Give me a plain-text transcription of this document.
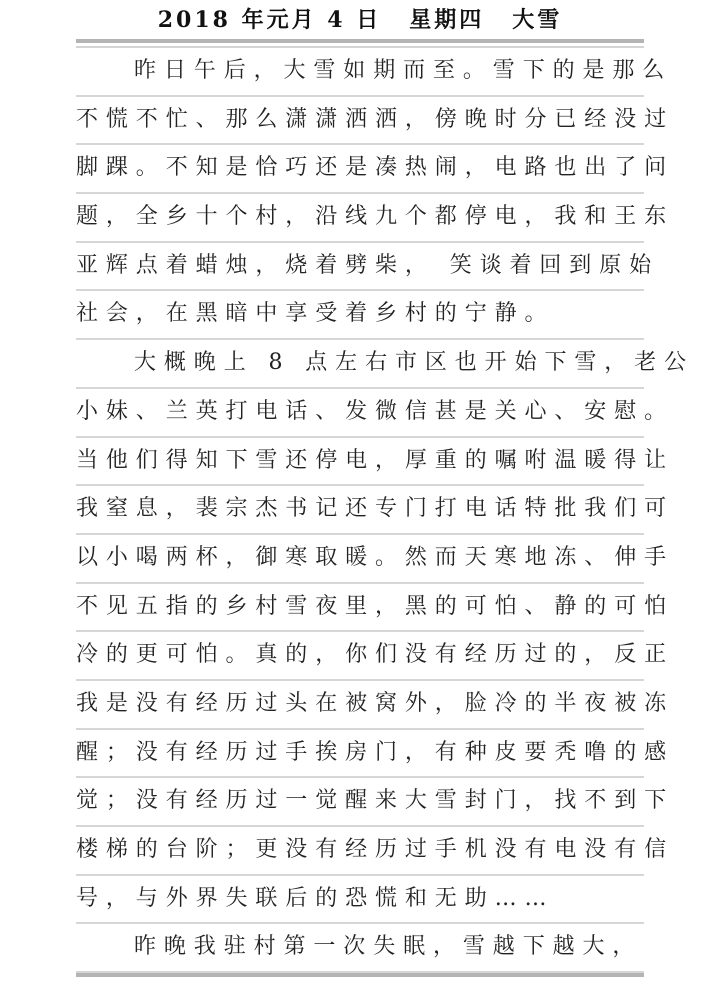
2018 年元月 4 日 星期四 大雪
昨日午后，大雪如期而至。雪下的是那么
不慌不忙、那么潇潇洒洒，傍晚时分已经没过
脚踝。不知是恰巧还是凑热闹，电路也出了问
题，全乡十个村，沿线九个都停电，我和王东
亚辉点着蜡烛，烧着劈柴， 笑谈着回到原始
社会，在黑暗中享受着乡村的宁静。
大概晚上 8 点左右市区也开始下雪，老公
小妹、兰英打电话、发微信甚是关心、安慰。
当他们得知下雪还停电，厚重的嘱咐温暖得让
我窒息，裴宗杰书记还专门打电话特批我们可
以小喝两杯，御寒取暖。然而天寒地冻、伸手
不见五指的乡村雪夜里，黑的可怕、静的可怕
冷的更可怕。真的，你们没有经历过的，反正
我是没有经历过头在被窝外，脸冷的半夜被冻
醒；没有经历过手挨房门，有种皮要秃噜的感
觉；没有经历过一觉醒来大雪封门，找不到下
楼梯的台阶；更没有经历过手机没有电没有信
号，与外界失联后的恐慌和无助……
昨晚我驻村第一次失眠，雪越下越大，
